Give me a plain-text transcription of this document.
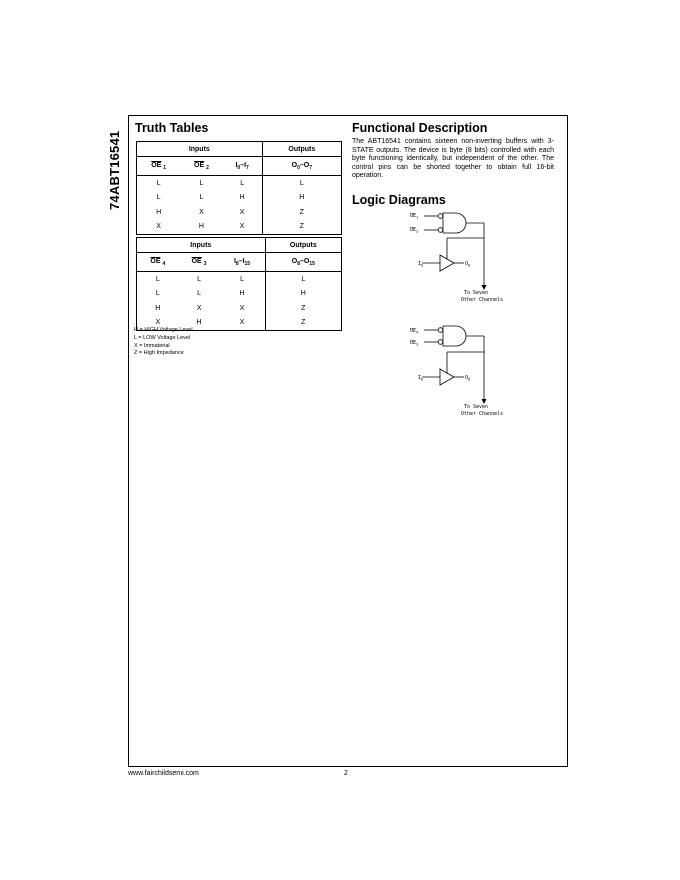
74ABT16541
Truth Tables
Inputs			Outputs
$\overline{OE}$ $_1$	$\overline{OE}$ $_2$	$I_0-I_7$	$O_0-O_7$
L	L	L	L
L	L	H	H
H	X	X	Z
X	H	X	Z
Inputs			Outputs
$\overline{OE}$ $_4$	$\overline{OE}$ $_3$	$I_8-I_{15}$	$O_8-O_{15}$
L	L	L	L
L	L	H	H
H	X	X	Z
X	H	X	Z
H = HIGH Voltage Level
L = LOW Voltage Level
X = Immaterial
Z = High Impedance
Functional Description
The ABT16541 contains sixteen non-inverting buffers with 3-STATE outputs. The device is byte (8 bits) controlled with each byte functioning identically, but independent of the other. The control pins can be shorted together to obtain full 16-bit operation.
Logic Diagrams
$OE_1$
$OE_2$
$I_0$	$O_0$
To Seven
Other Channels
$OE_4$
$OE_3$
$I_8$	$O_8$
To Seven
Other Channels
www.fairchildsemi.com	2
